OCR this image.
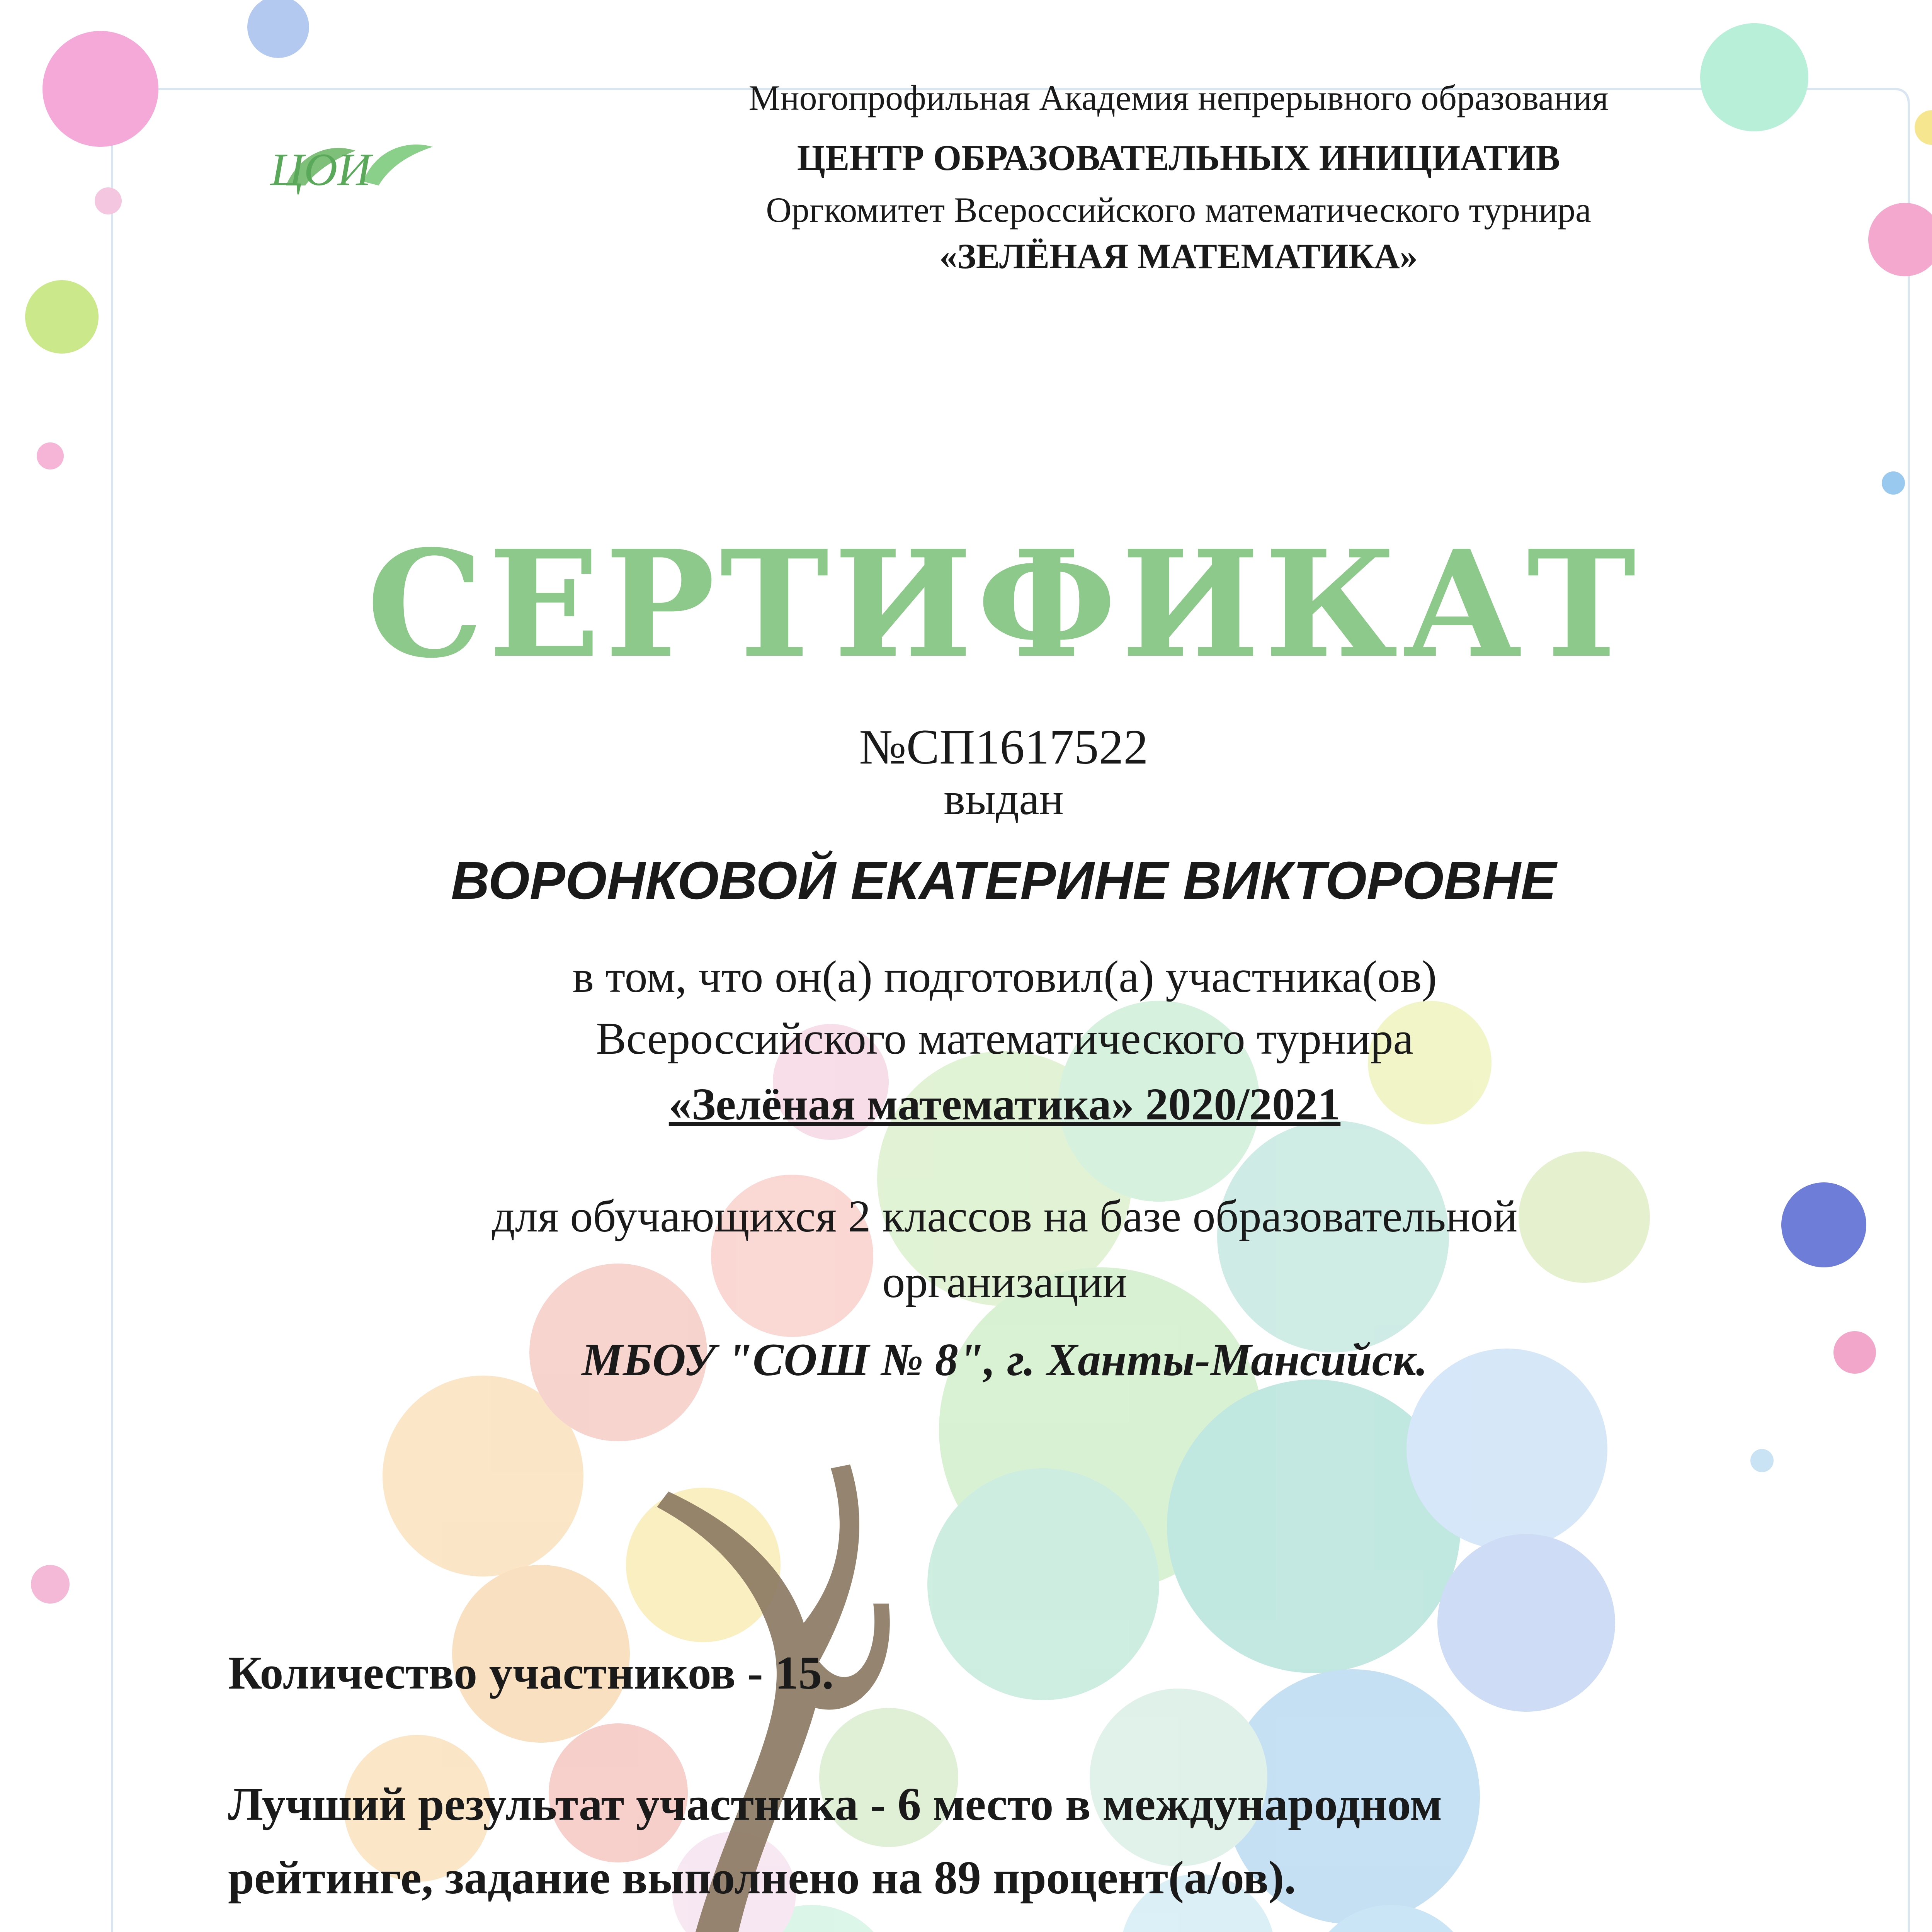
ЦОИ
Многопрофильная Академия непрерывного образования
ЦЕНТР ОБРАЗОВАТЕЛЬНЫХ ИНИЦИАТИВ
Оргкомитет Всероссийского математического турнира
«ЗЕЛЁНАЯ МАТЕМАТИКА»
СЕРТИФИКАТ
№СП1617522
выдан
ВОРОНКОВОЙ ЕКАТЕРИНЕ ВИКТОРОВНЕ
в том, что он(а) подготовил(а) участника(ов)
Всероссийского математического турнира
«Зелёная математика» 2020/2021
для обучающихся 2 классов на базе образовательной
организации
МБОУ "СОШ № 8", г. Ханты-Мансийск.
Количество участников - 15.
Лучший результат участника - 6 место в международном
рейтинге, задание выполнено на 89 процент(а/ов).
